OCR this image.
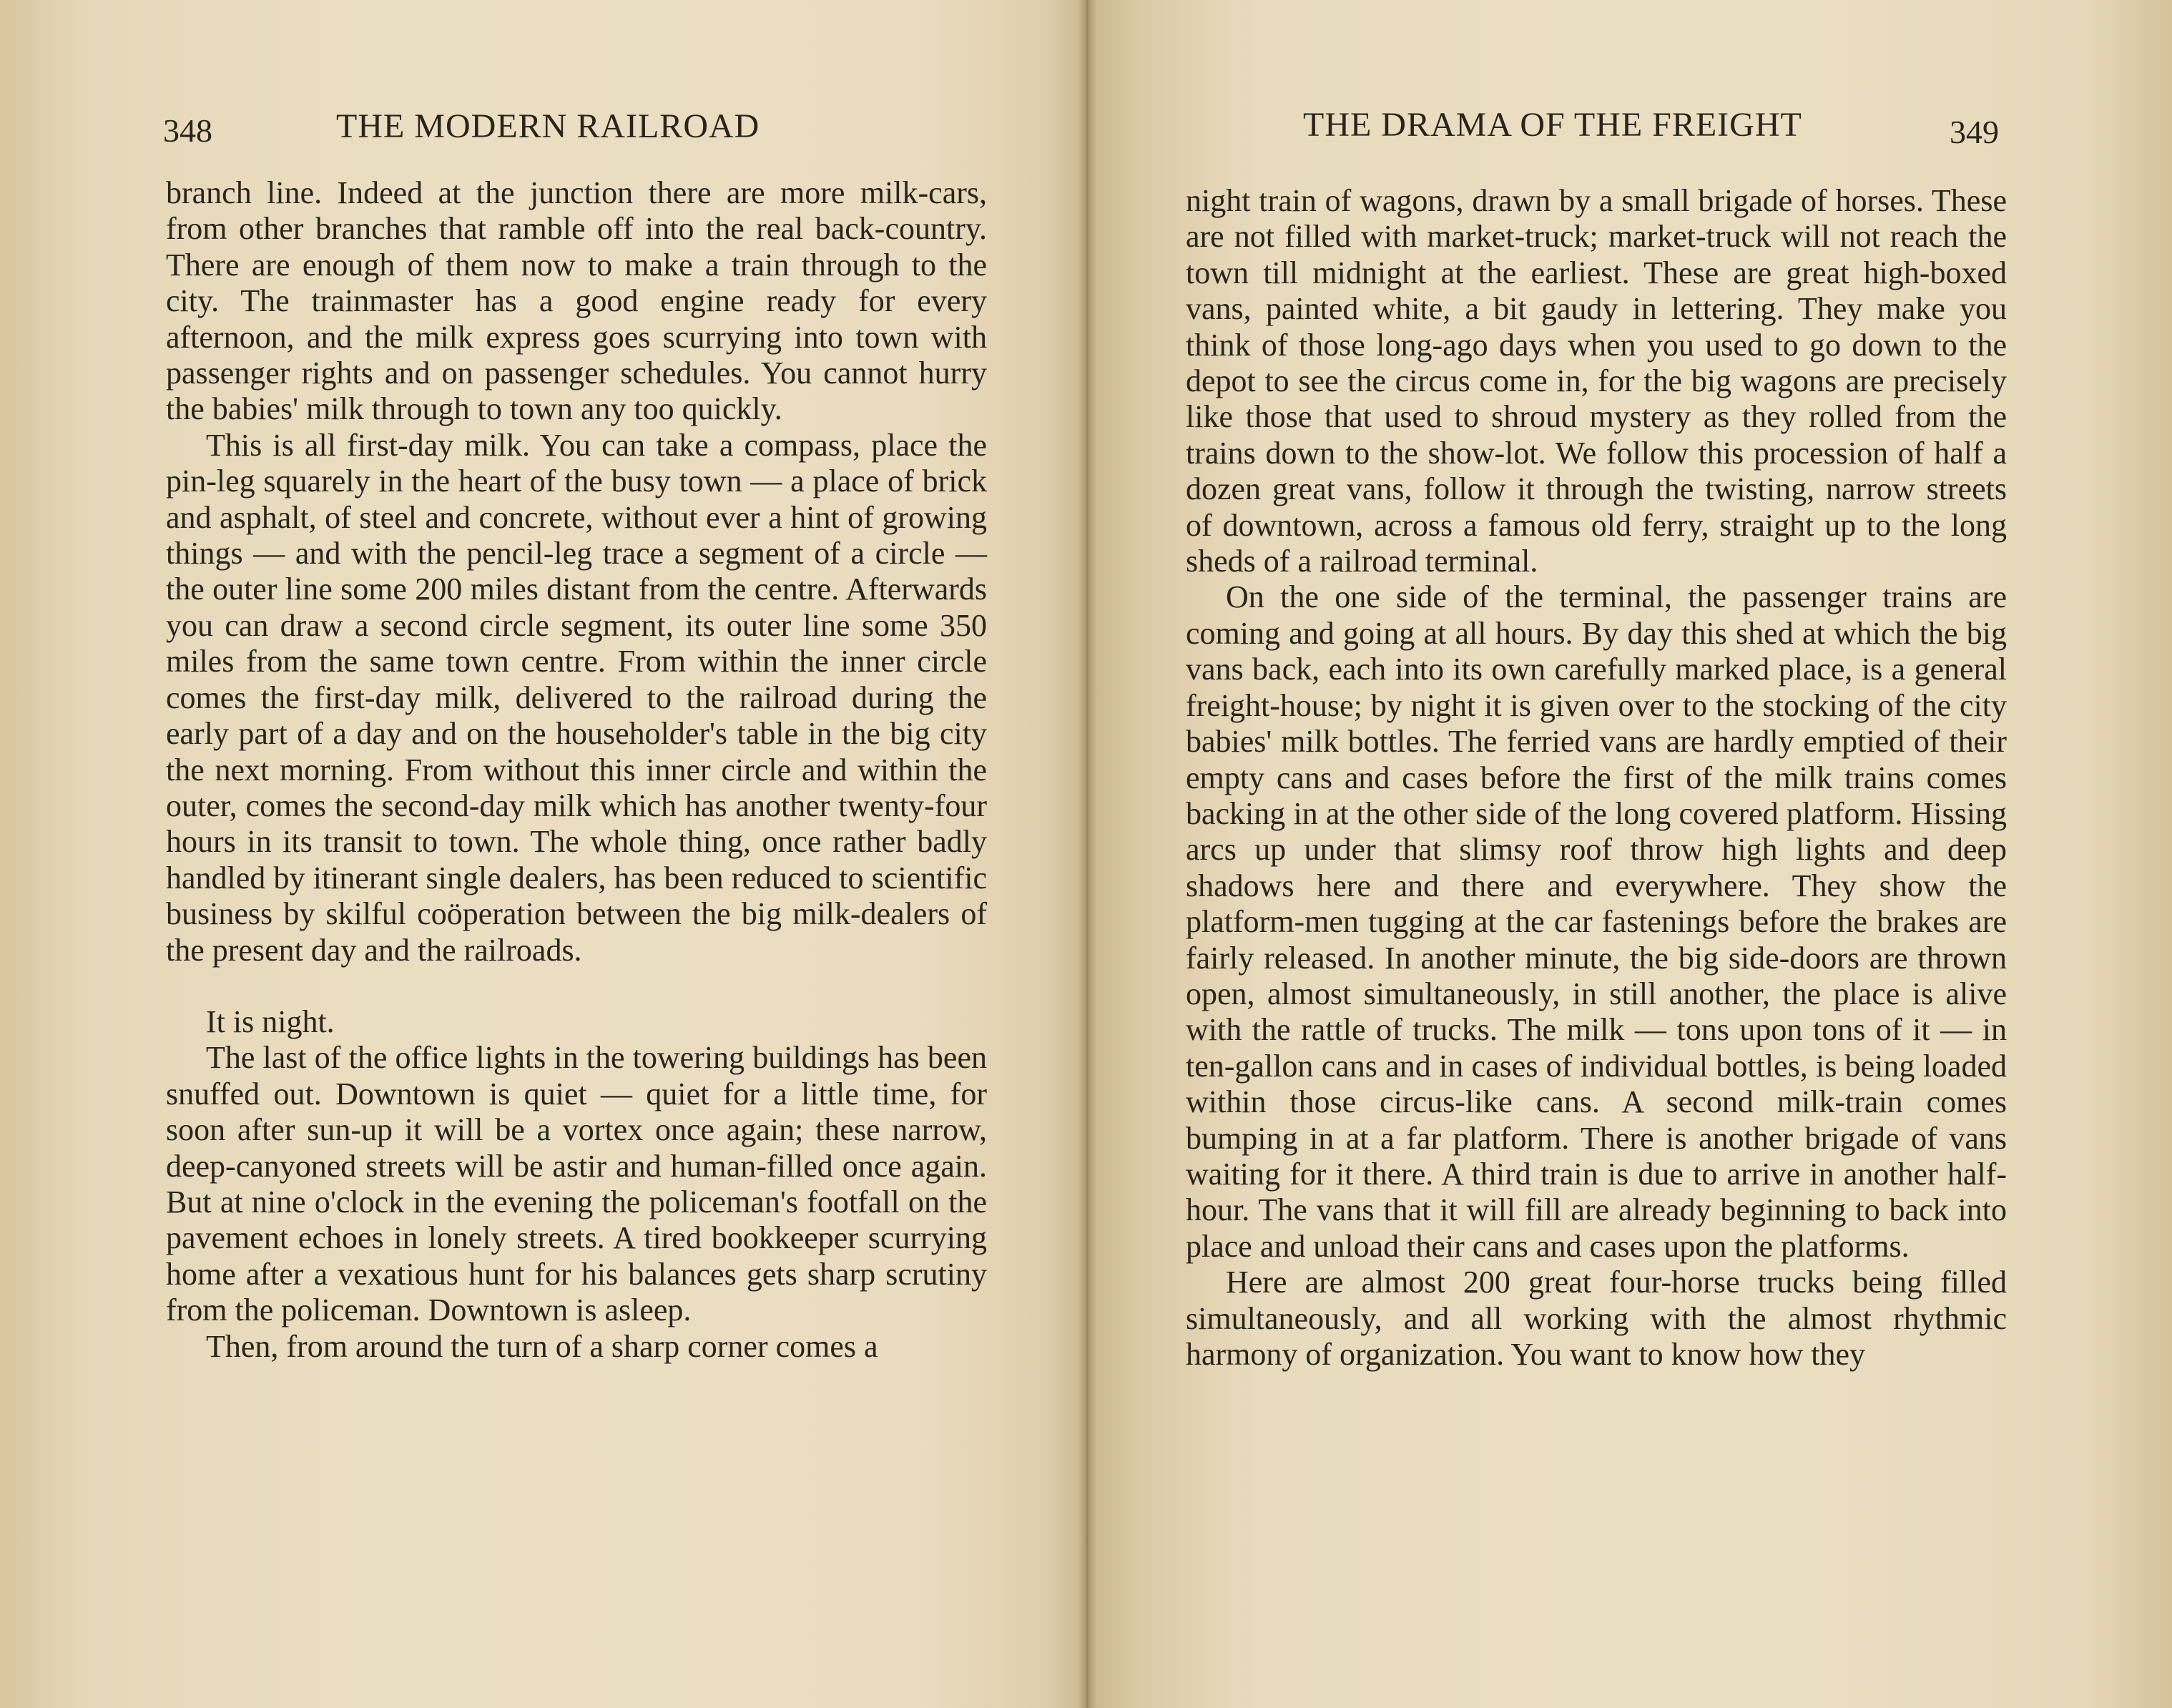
348	THE MODERN RAILROAD

branch line. Indeed at the junction there are more milk-cars, from other branches that ramble off into the real back-country. There are enough of them now to make a train through to the city. The trainmaster has a good engine ready for every afternoon, and the milk express goes scurrying into town with passenger rights and on passenger schedules. You cannot hurry the babies' milk through to town any too quickly.

This is all first-day milk. You can take a compass, place the pin-leg squarely in the heart of the busy town — a place of brick and asphalt, of steel and concrete, without ever a hint of growing things — and with the pencil-leg trace a segment of a circle — the outer line some 200 miles distant from the centre. Afterwards you can draw a second circle segment, its outer line some 350 miles from the same town centre. From within the inner circle comes the first-day milk, delivered to the railroad during the early part of a day and on the householder's table in the big city the next morning. From without this inner circle and within the outer, comes the second-day milk which has another twenty-four hours in its transit to town. The whole thing, once rather badly handled by itinerant single dealers, has been reduced to scientific business by skilful coöperation between the big milk-dealers of the present day and the railroads.

It is night.

The last of the office lights in the towering buildings has been snuffed out. Downtown is quiet — quiet for a little time, for soon after sun-up it will be a vortex once again; these narrow, deep-canyoned streets will be astir and human-filled once again. But at nine o'clock in the evening the policeman's footfall on the pavement echoes in lonely streets. A tired bookkeeper scurrying home after a vexatious hunt for his balances gets sharp scrutiny from the policeman. Downtown is asleep.

Then, from around the turn of a sharp corner comes a

THE DRAMA OF THE FREIGHT	349

night train of wagons, drawn by a small brigade of horses. These are not filled with market-truck; market-truck will not reach the town till midnight at the earliest. These are great high-boxed vans, painted white, a bit gaudy in lettering. They make you think of those long-ago days when you used to go down to the depot to see the circus come in, for the big wagons are precisely like those that used to shroud mystery as they rolled from the trains down to the show-lot. We follow this procession of half a dozen great vans, follow it through the twisting, narrow streets of downtown, across a famous old ferry, straight up to the long sheds of a railroad terminal.

On the one side of the terminal, the passenger trains are coming and going at all hours. By day this shed at which the big vans back, each into its own carefully marked place, is a general freight-house; by night it is given over to the stocking of the city babies' milk bottles. The ferried vans are hardly emptied of their empty cans and cases before the first of the milk trains comes backing in at the other side of the long covered platform. Hissing arcs up under that slimsy roof throw high lights and deep shadows here and there and everywhere. They show the platform-men tugging at the car fastenings before the brakes are fairly released. In another minute, the big side-doors are thrown open, almost simultaneously, in still another, the place is alive with the rattle of trucks. The milk — tons upon tons of it — in ten-gallon cans and in cases of individual bottles, is being loaded within those circus-like cans. A second milk-train comes bumping in at a far platform. There is another brigade of vans waiting for it there. A third train is due to arrive in another half-hour. The vans that it will fill are already beginning to back into place and unload their cans and cases upon the platforms.

Here are almost 200 great four-horse trucks being filled simultaneously, and all working with the almost rhythmic harmony of organization. You want to know how they
